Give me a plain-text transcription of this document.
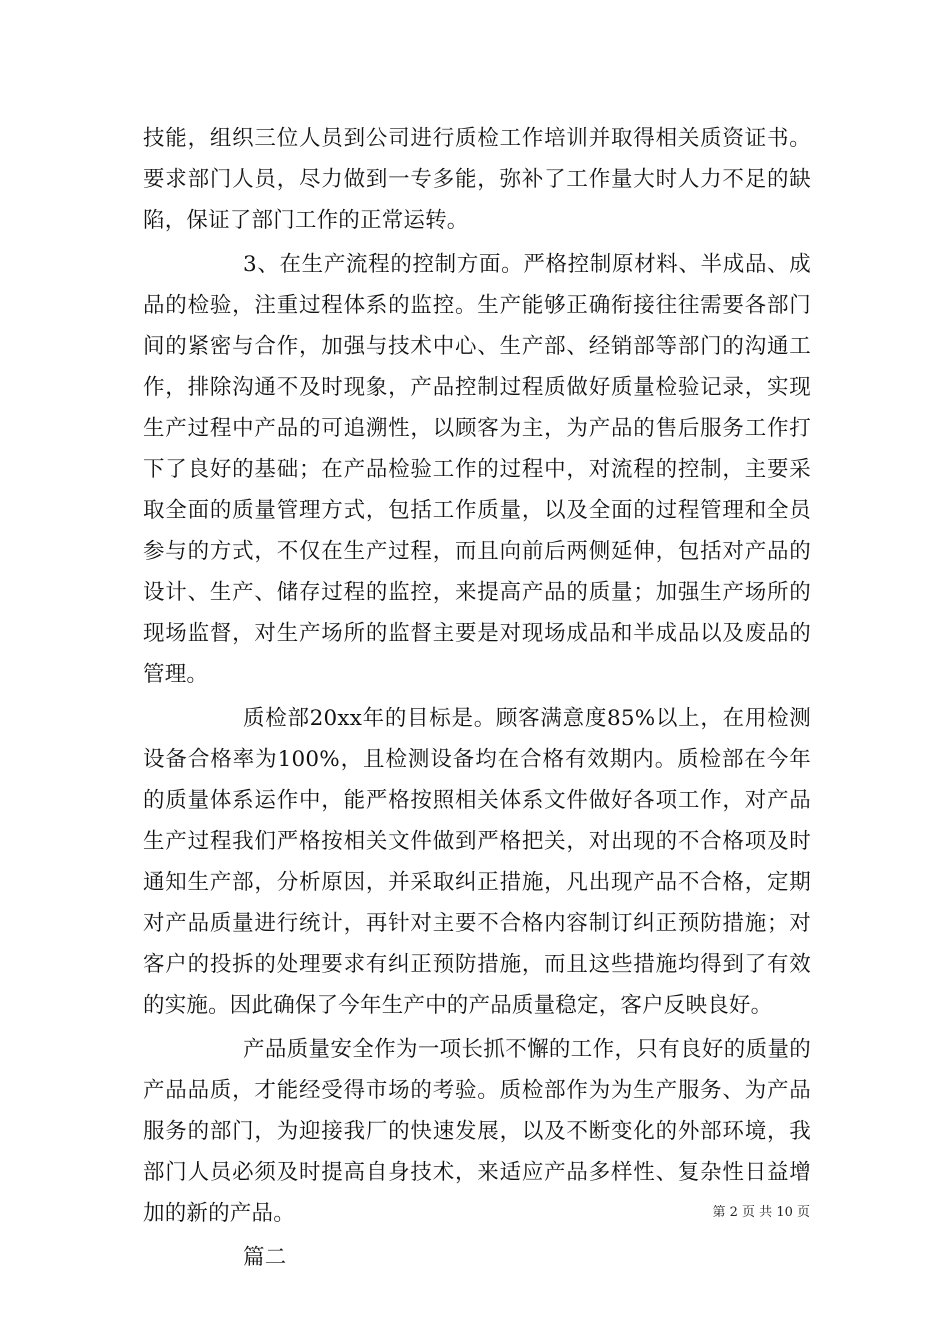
技能，组织三位人员到公司进行质检工作培训并取得相关质资证书。要求部门人员，尽力做到一专多能，弥补了工作量大时人力不足的缺陷，保证了部门工作的正常运转。

3、在生产流程的控制方面。严格控制原材料、半成品、成品的检验，注重过程体系的监控。生产能够正确衔接往往需要各部门间的紧密与合作，加强与技术中心、生产部、经销部等部门的沟通工作，排除沟通不及时现象，产品控制过程质做好质量检验记录，实现生产过程中产品的可追溯性，以顾客为主，为产品的售后服务工作打下了良好的基础；在产品检验工作的过程中，对流程的控制，主要采取全面的质量管理方式，包括工作质量，以及全面的过程管理和全员参与的方式，不仅在生产过程，而且向前后两侧延伸，包括对产品的设计、生产、储存过程的监控，来提高产品的质量；加强生产场所的现场监督，对生产场所的监督主要是对现场成品和半成品以及废品的管理。

质检部20xx年的目标是。顾客满意度85%以上，在用检测设备合格率为100%，且检测设备均在合格有效期内。质检部在今年的质量体系运作中，能严格按照相关体系文件做好各项工作，对产品生产过程我们严格按相关文件做到严格把关，对出现的不合格项及时通知生产部，分析原因，并采取纠正措施，凡出现产品不合格，定期对产品质量进行统计，再针对主要不合格内容制订纠正预防措施；对客户的投拆的处理要求有纠正预防措施，而且这些措施均得到了有效的实施。因此确保了今年生产中的产品质量稳定，客户反映良好。

产品质量安全作为一项长抓不懈的工作，只有良好的质量的产品品质，才能经受得市场的考验。质检部作为为生产服务、为产品服务的部门，为迎接我厂的快速发展，以及不断变化的外部环境，我部门人员必须及时提高自身技术，来适应产品多样性、复杂性日益增加的新的产品。

篇二

第 2 页 共 10 页
